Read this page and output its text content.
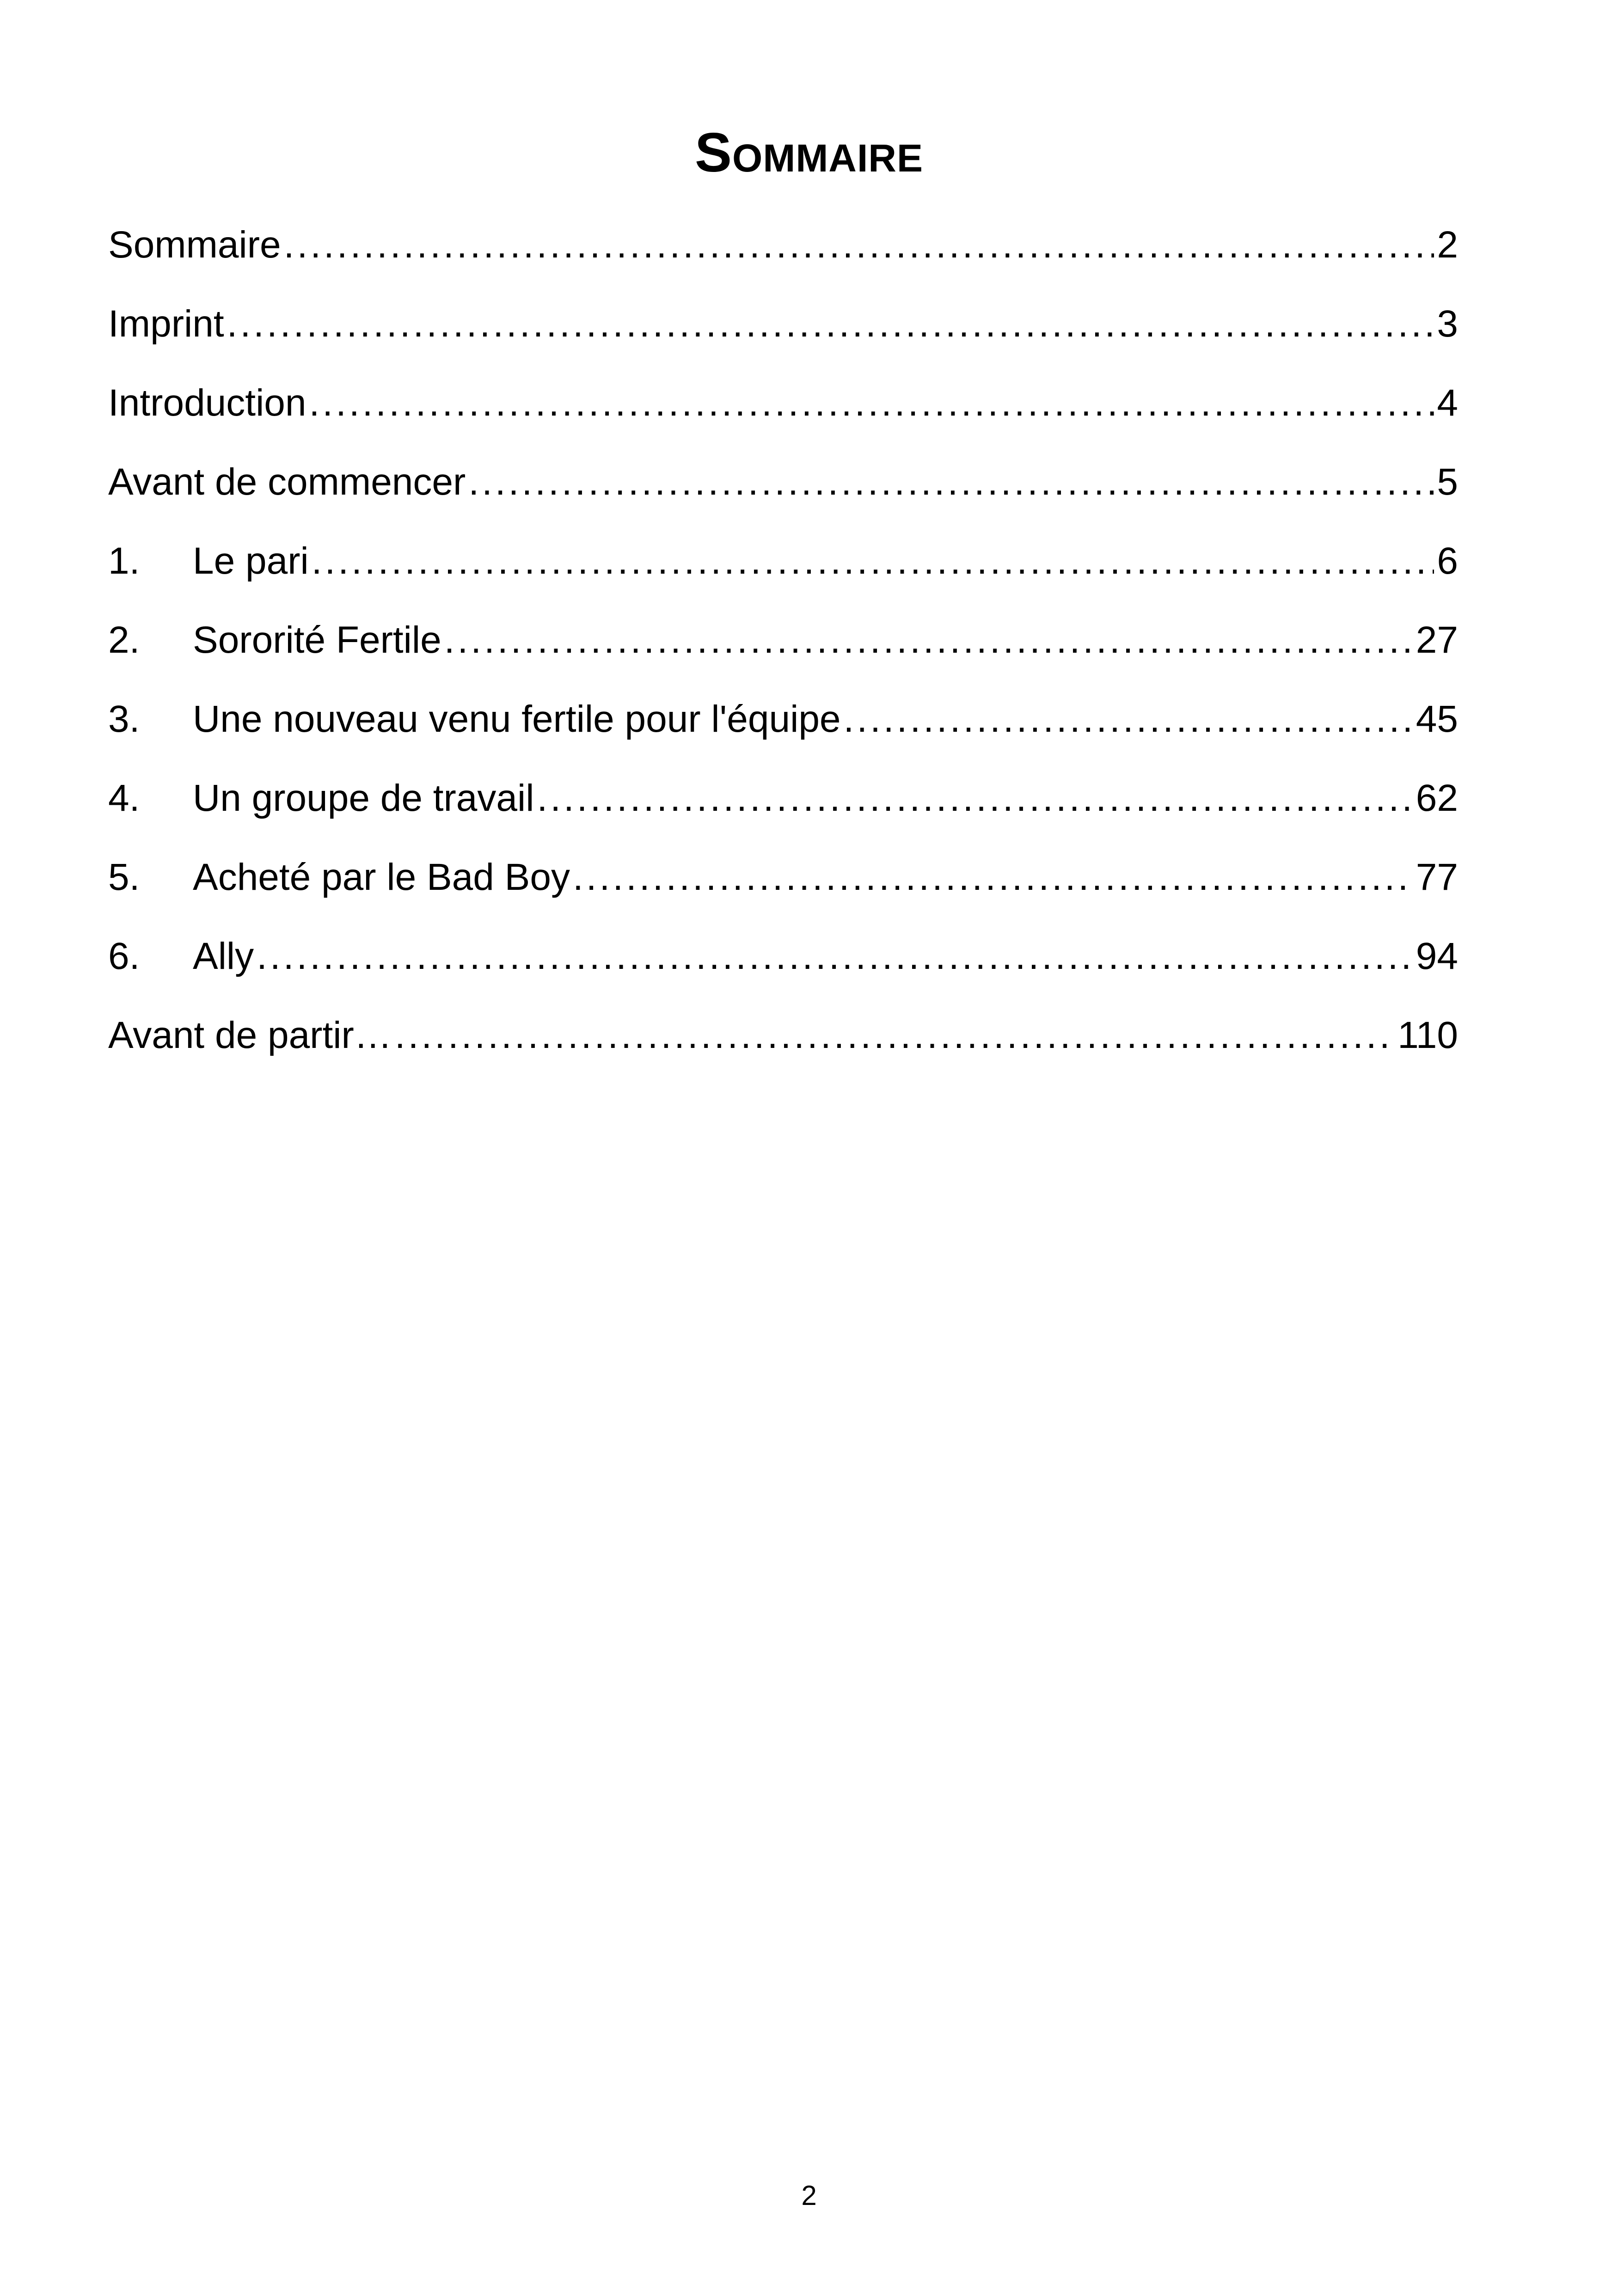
Sommaire
Sommaire .....	2
Imprint .....	3
Introduction .....	4
Avant de commencer .....	5
1.	Le pari .....	6
2.	Sororité Fertile .....	27
3.	Une nouveau venu fertile pour l'équipe .....	45
4.	Un groupe de travail .....	62
5.	Acheté par le Bad Boy .....	77
6.	Ally .....	94
Avant de partir… .....	110
2
